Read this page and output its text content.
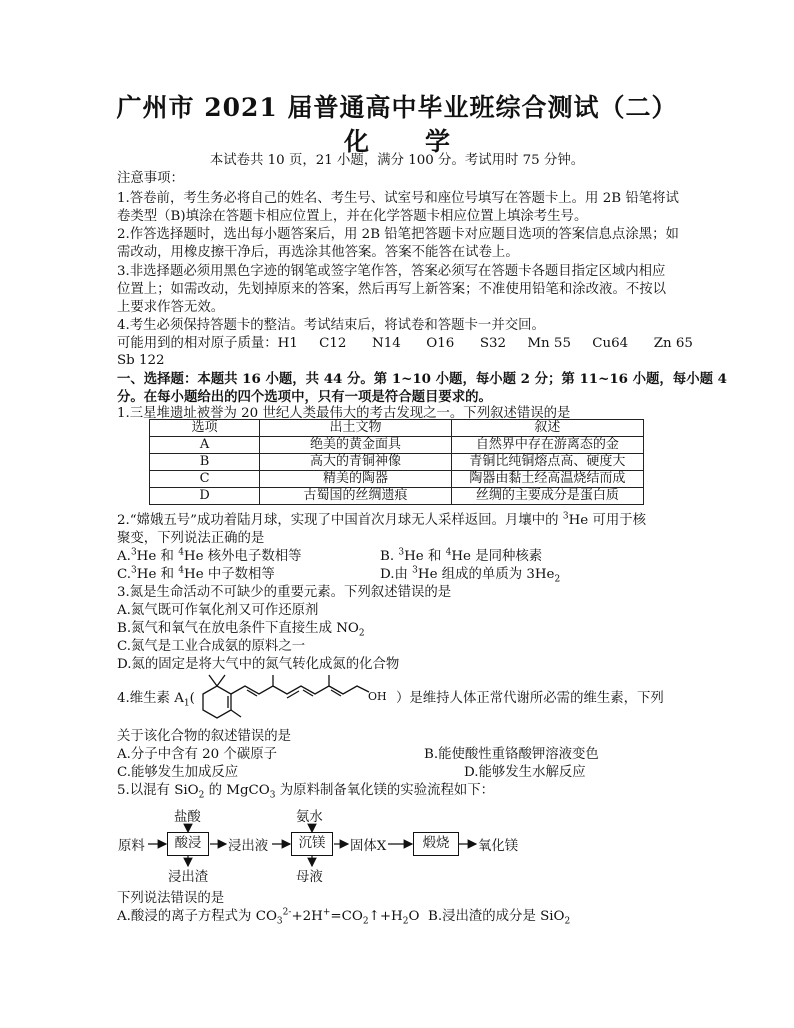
广州市 2021 届普通高中毕业班综合测试（二）
化 学
本试卷共 10 页，21 小题，满分 100 分。考试用时 75 分钟。
注意事项：
1.答卷前，考生务必将自己的姓名、考生号、试室号和座位号填写在答题卡上。用 2B 铅笔将试
卷类型（B)填涂在答题卡相应位置上，并在化学答题卡相应位置上填涂考生号。
2.作答选择题时，选出每小题答案后，用 2B 铅笔把答题卡对应题目选项的答案信息点涂黑；如
需改动，用橡皮擦干净后，再选涂其他答案。答案不能答在试卷上。
3.非选择题必须用黑色字迹的钢笔或签字笔作答，答案必须写在答题卡各题目指定区域内相应
位置上；如需改动，先划掉原来的答案，然后再写上新答案；不准使用铅笔和涂改液。不按以
上要求作答无效。
4.考生必须保持答题卡的整洁。考试结束后，将试卷和答题卡一并交回。
可能用到的相对原子质量：H1     C12      N14      O16      S32     Mn 55     Cu64      Zn 65
Sb 122
一、选择题：本题共 16 小题，共 44 分。第 1~10 小题，每小题 2 分；第 11~16 小题，每小题 4
分。在每小题给出的四个选项中，只有一项是符合题目要求的。
1.三星堆遗址被誉为 20 世纪人类最伟大的考古发现之一。下列叙述错误的是
选项	出土文物	叙述
A	绝美的黄金面具	自然界中存在游离态的金
B	高大的青铜神像	青铜比纯铜熔点高、硬度大
C	精美的陶器	陶器由黏土经高温烧结而成
D	古蜀国的丝绸遗痕	丝绸的主要成分是蛋白质
2.“嫦娥五号”成功着陆月球，实现了中国首次月球无人采样返回。月壤中的 $^3$He 可用于核
聚变，下列说法正确的是
A.$^3$He 和 $^4$He 核外电子数相等	B. $^3$He 和 $^4$He 是同种核素
C.$^3$He 和 $^4$He 中子数相等	D.由 $^3$He 组成的单质为 $3He_2$
3.氮是生命活动不可缺少的重要元素。下列叙述错误的是
A.氮气既可作氧化剂又可作还原剂
B.氮气和氧气在放电条件下直接生成 $NO_2$
C.氮气是工业合成氨的原料之一
D.氮的固定是将大气中的氮气转化成氮的化合物
4.维生素 $A_1$(	OH ）是维持人体正常代谢所必需的维生素，下列
关于该化合物的叙述错误的是
A.分子中含有 20 个碳原子	B.能使酸性重铬酸钾溶液变色
C.能够发生加成反应	D.能够发生水解反应
5.以混有 SiO$_2$ 的 MgCO$_3$ 为原料制备氧化镁的实验流程如下：
原料
盐酸
酸浸
浸出渣
浸出液
氨水
沉镁
母液
固体X	煅烧	氧化镁
下列说法错误的是
A.酸浸的离子方程式为 $CO_3^{2-}+2H^+=CO_2↑+H_2O$ B.浸出渣的成分是 SiO$_2$
